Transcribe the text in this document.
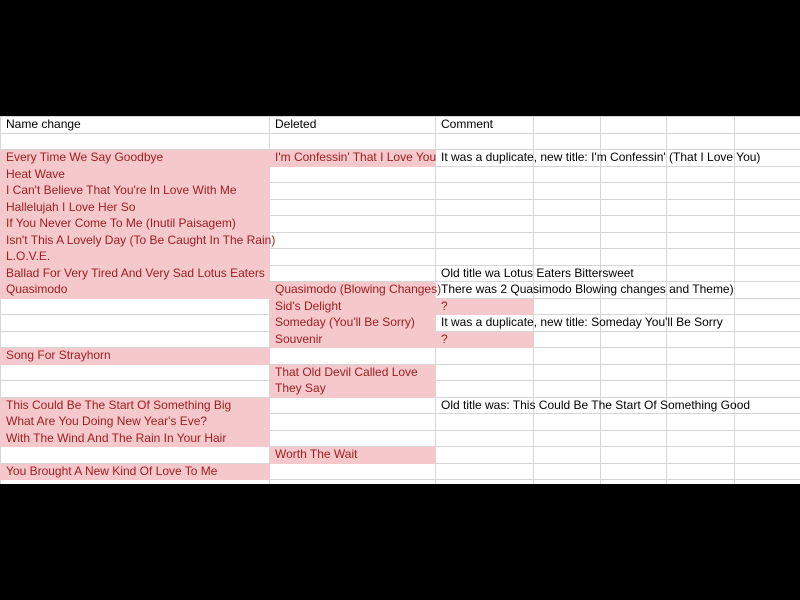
Name change	Deleted	Comment					

Every Time We Say Goodbye	I'm Confessin' That I Love You	It was a duplicate, new title: I'm Confessin' (That I Love You)					
Heat Wave							
I Can't Believe That You're In Love With Me							
Hallelujah I Love Her So							
If You Never Come To Me (Inutil Paisagem)							
Isn't This A Lovely Day (To Be Caught In The Rain)							
L.O.V.E.							
Ballad For Very Tired And Very Sad Lotus Eaters		Old title wa Lotus Eaters Bittersweet					
Quasimodo	Quasimodo (Blowing Changes)	There was 2 Quasimodo Blowing changes and Theme)					
	Sid's Delight	?					
	Someday (You'll Be Sorry)	It was a duplicate, new title: Someday You'll Be Sorry					
	Souvenir	?					
Song For Strayhorn							
	That Old Devil Called Love						
	They Say						
This Could Be The Start Of Something Big		Old title was: This Could Be The Start Of Something Good					
What Are You Doing New Year's Eve?							
With The Wind And The Rain In Your Hair							
	Worth The Wait						
You Brought A New Kind Of Love To Me							
